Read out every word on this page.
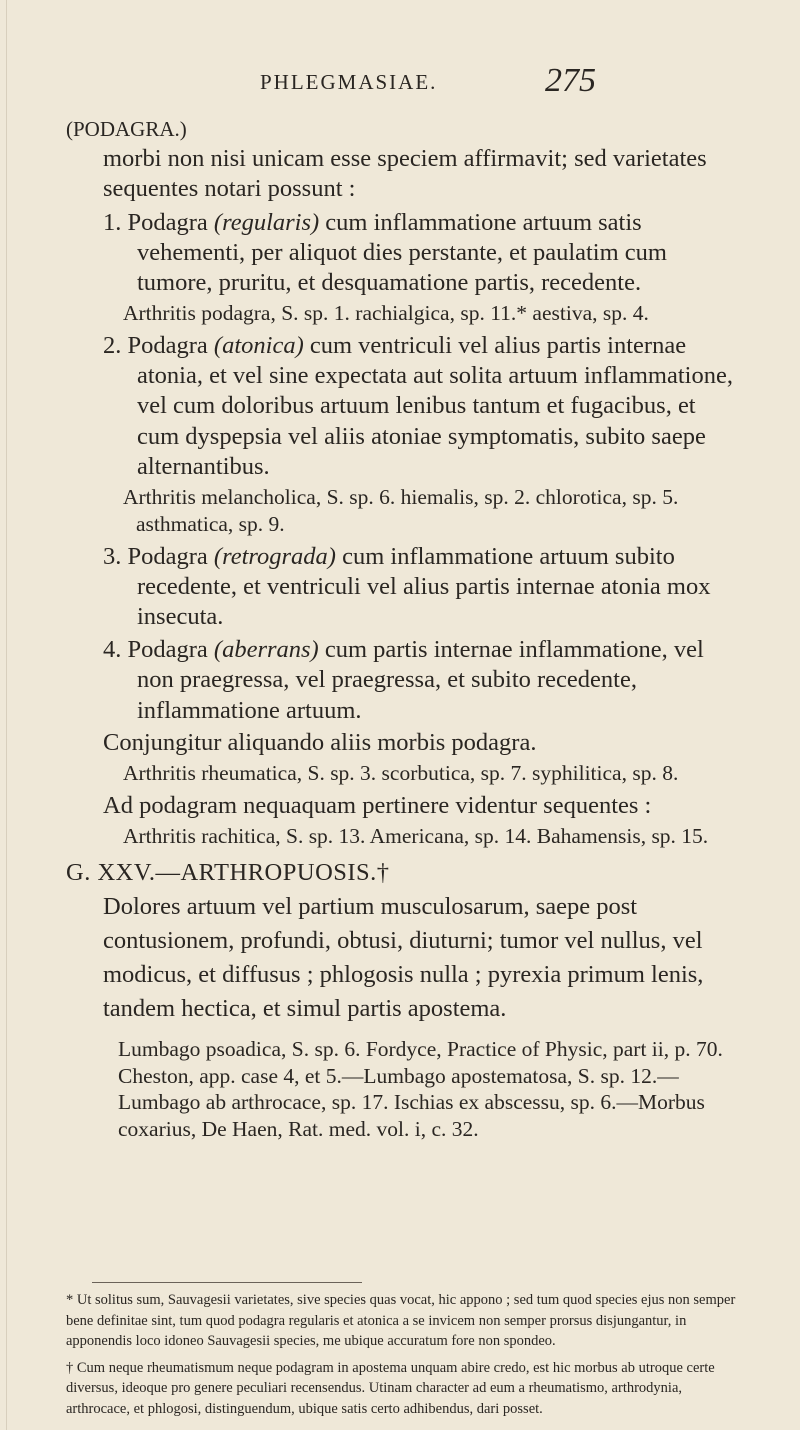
PHLEGMASIAE.	275

(PODAGRA.)

morbi non nisi unicam esse speciem affirmavit; sed varietates sequentes notari possunt :

1. Podagra (regularis) cum inflammatione artuum satis vehementi, per aliquot dies perstante, et paulatim cum tumore, pruritu, et desquamatione partis, recedente.

Arthritis podagra, S. sp. 1. rachialgica, sp. 11.* aestiva, sp. 4.

2. Podagra (atonica) cum ventriculi vel alius partis internae atonia, et vel sine expectata aut solita artuum inflammatione, vel cum doloribus artuum lenibus tantum et fugacibus, et cum dyspepsia vel aliis atoniae symptomatis, subito saepe alternantibus.

Arthritis melancholica, S. sp. 6. hiemalis, sp. 2. chlorotica, sp. 5. asthmatica, sp. 9.

3. Podagra (retrograda) cum inflammatione artuum subito recedente, et ventriculi vel alius partis internae atonia mox insecuta.

4. Podagra (aberrans) cum partis internae inflammatione, vel non praegressa, vel praegressa, et subito recedente, inflammatione artuum.

Conjungitur aliquando aliis morbis podagra.

Arthritis rheumatica, S. sp. 3. scorbutica, sp. 7. syphilitica, sp. 8.

Ad podagram nequaquam pertinere videntur sequentes :

Arthritis rachitica, S. sp. 13. Americana, sp. 14. Bahamensis, sp. 15.

G. XXV.—ARTHROPUOSIS.†

Dolores artuum vel partium musculosarum, saepe post contusionem, profundi, obtusi, diuturni; tumor vel nullus, vel modicus, et diffusus ; phlogosis nulla ; pyrexia primum lenis, tandem hectica, et simul partis apostema.

Lumbago psoadica, S. sp. 6. Fordyce, Practice of Physic, part ii, p. 70. Cheston, app. case 4, et 5.—Lumbago apostematosa, S. sp. 12.—Lumbago ab arthrocace, sp. 17. Ischias ex abscessu, sp. 6.—Morbus coxarius, De Haen, Rat. med. vol. i, c. 32.

* Ut solitus sum, Sauvagesii varietates, sive species quas vocat, hic appono ; sed tum quod species ejus non semper bene definitae sint, tum quod podagra regularis et atonica a se invicem non semper prorsus disjungantur, in apponendis loco idoneo Sauvagesii species, me ubique accuratum fore non spondeo.

† Cum neque rheumatismum neque podagram in apostema unquam abire credo, est hic morbus ab utroque certe diversus, ideoque pro genere peculiari recensendus. Utinam character ad eum a rheumatismo, arthrodynia, arthrocace, et phlogosi, distinguendum, ubique satis certo adhibendus, dari posset.
